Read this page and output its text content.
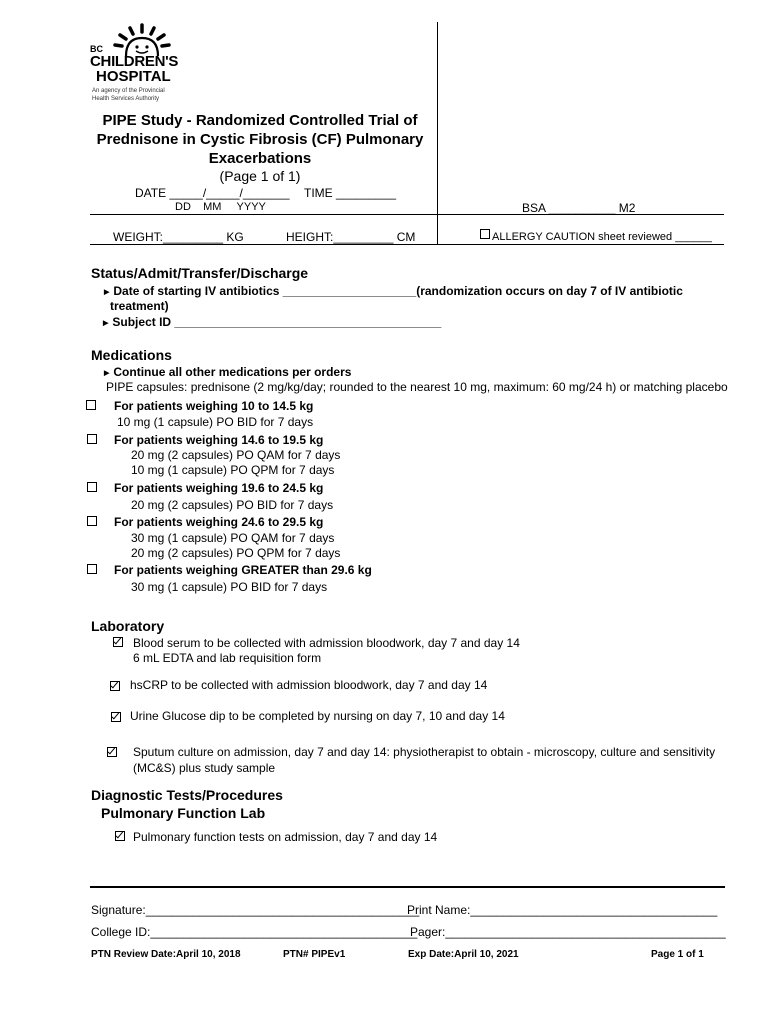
BC
CHILDREN'S
HOSPITAL
An agency of the Provincial
Health Services Authority
PIPE Study - Randomized Controlled Trial of
Prednisone in Cystic Fibrosis (CF) Pulmonary
Exacerbations
(Page 1 of 1)
DATE _____/_____/_______ TIME _________
DD    MM     YYYY	BSA __________ M2
WEIGHT:_________ KG	HEIGHT:_________ CM	ALLERGY CAUTION sheet reviewed ______
Status/Admit/Transfer/Discharge
▶ Date of starting IV antibiotics ____________________(randomization occurs on day 7 of IV antibiotic
treatment)
▶ Subject ID ________________________________________
Medications
▶ Continue all other medications per orders
PIPE capsules: prednisone (2 mg/kg/day; rounded to the nearest 10 mg, maximum: 60 mg/24 h) or matching placebo
For patients weighing 10 to 14.5 kg
10 mg (1 capsule) PO BID for 7 days
For patients weighing 14.6 to 19.5 kg
20 mg (2 capsules) PO QAM for 7 days
10 mg (1 capsule) PO QPM for 7 days
For patients weighing 19.6 to 24.5 kg
20 mg (2 capsules) PO BID for 7 days
For patients weighing 24.6 to 29.5 kg
30 mg (1 capsule) PO QAM for 7 days
20 mg (2 capsules) PO QPM for 7 days
For patients weighing GREATER than 29.6 kg
30 mg (1 capsule) PO BID for 7 days
Laboratory
Blood serum to be collected with admission bloodwork, day 7 and day 14
6 mL EDTA and lab requisition form
hsCRP to be collected with admission bloodwork, day 7 and day 14
Urine Glucose dip to be completed by nursing on day 7, 10 and day 14
Sputum culture on admission, day 7 and day 14: physiotherapist to obtain - microscopy, culture and sensitivity
(MC&S) plus study sample
Diagnostic Tests/Procedures
Pulmonary Function Lab
Pulmonary function tests on admission, day 7 and day 14
Signature:_________________________________________
Print Name:_____________________________________
College ID:________________________________________
Pager:__________________________________________
PTN Review Date:April 10, 2018	PTN# PIPEv1	Exp Date:April 10, 2021	Page 1 of 1
